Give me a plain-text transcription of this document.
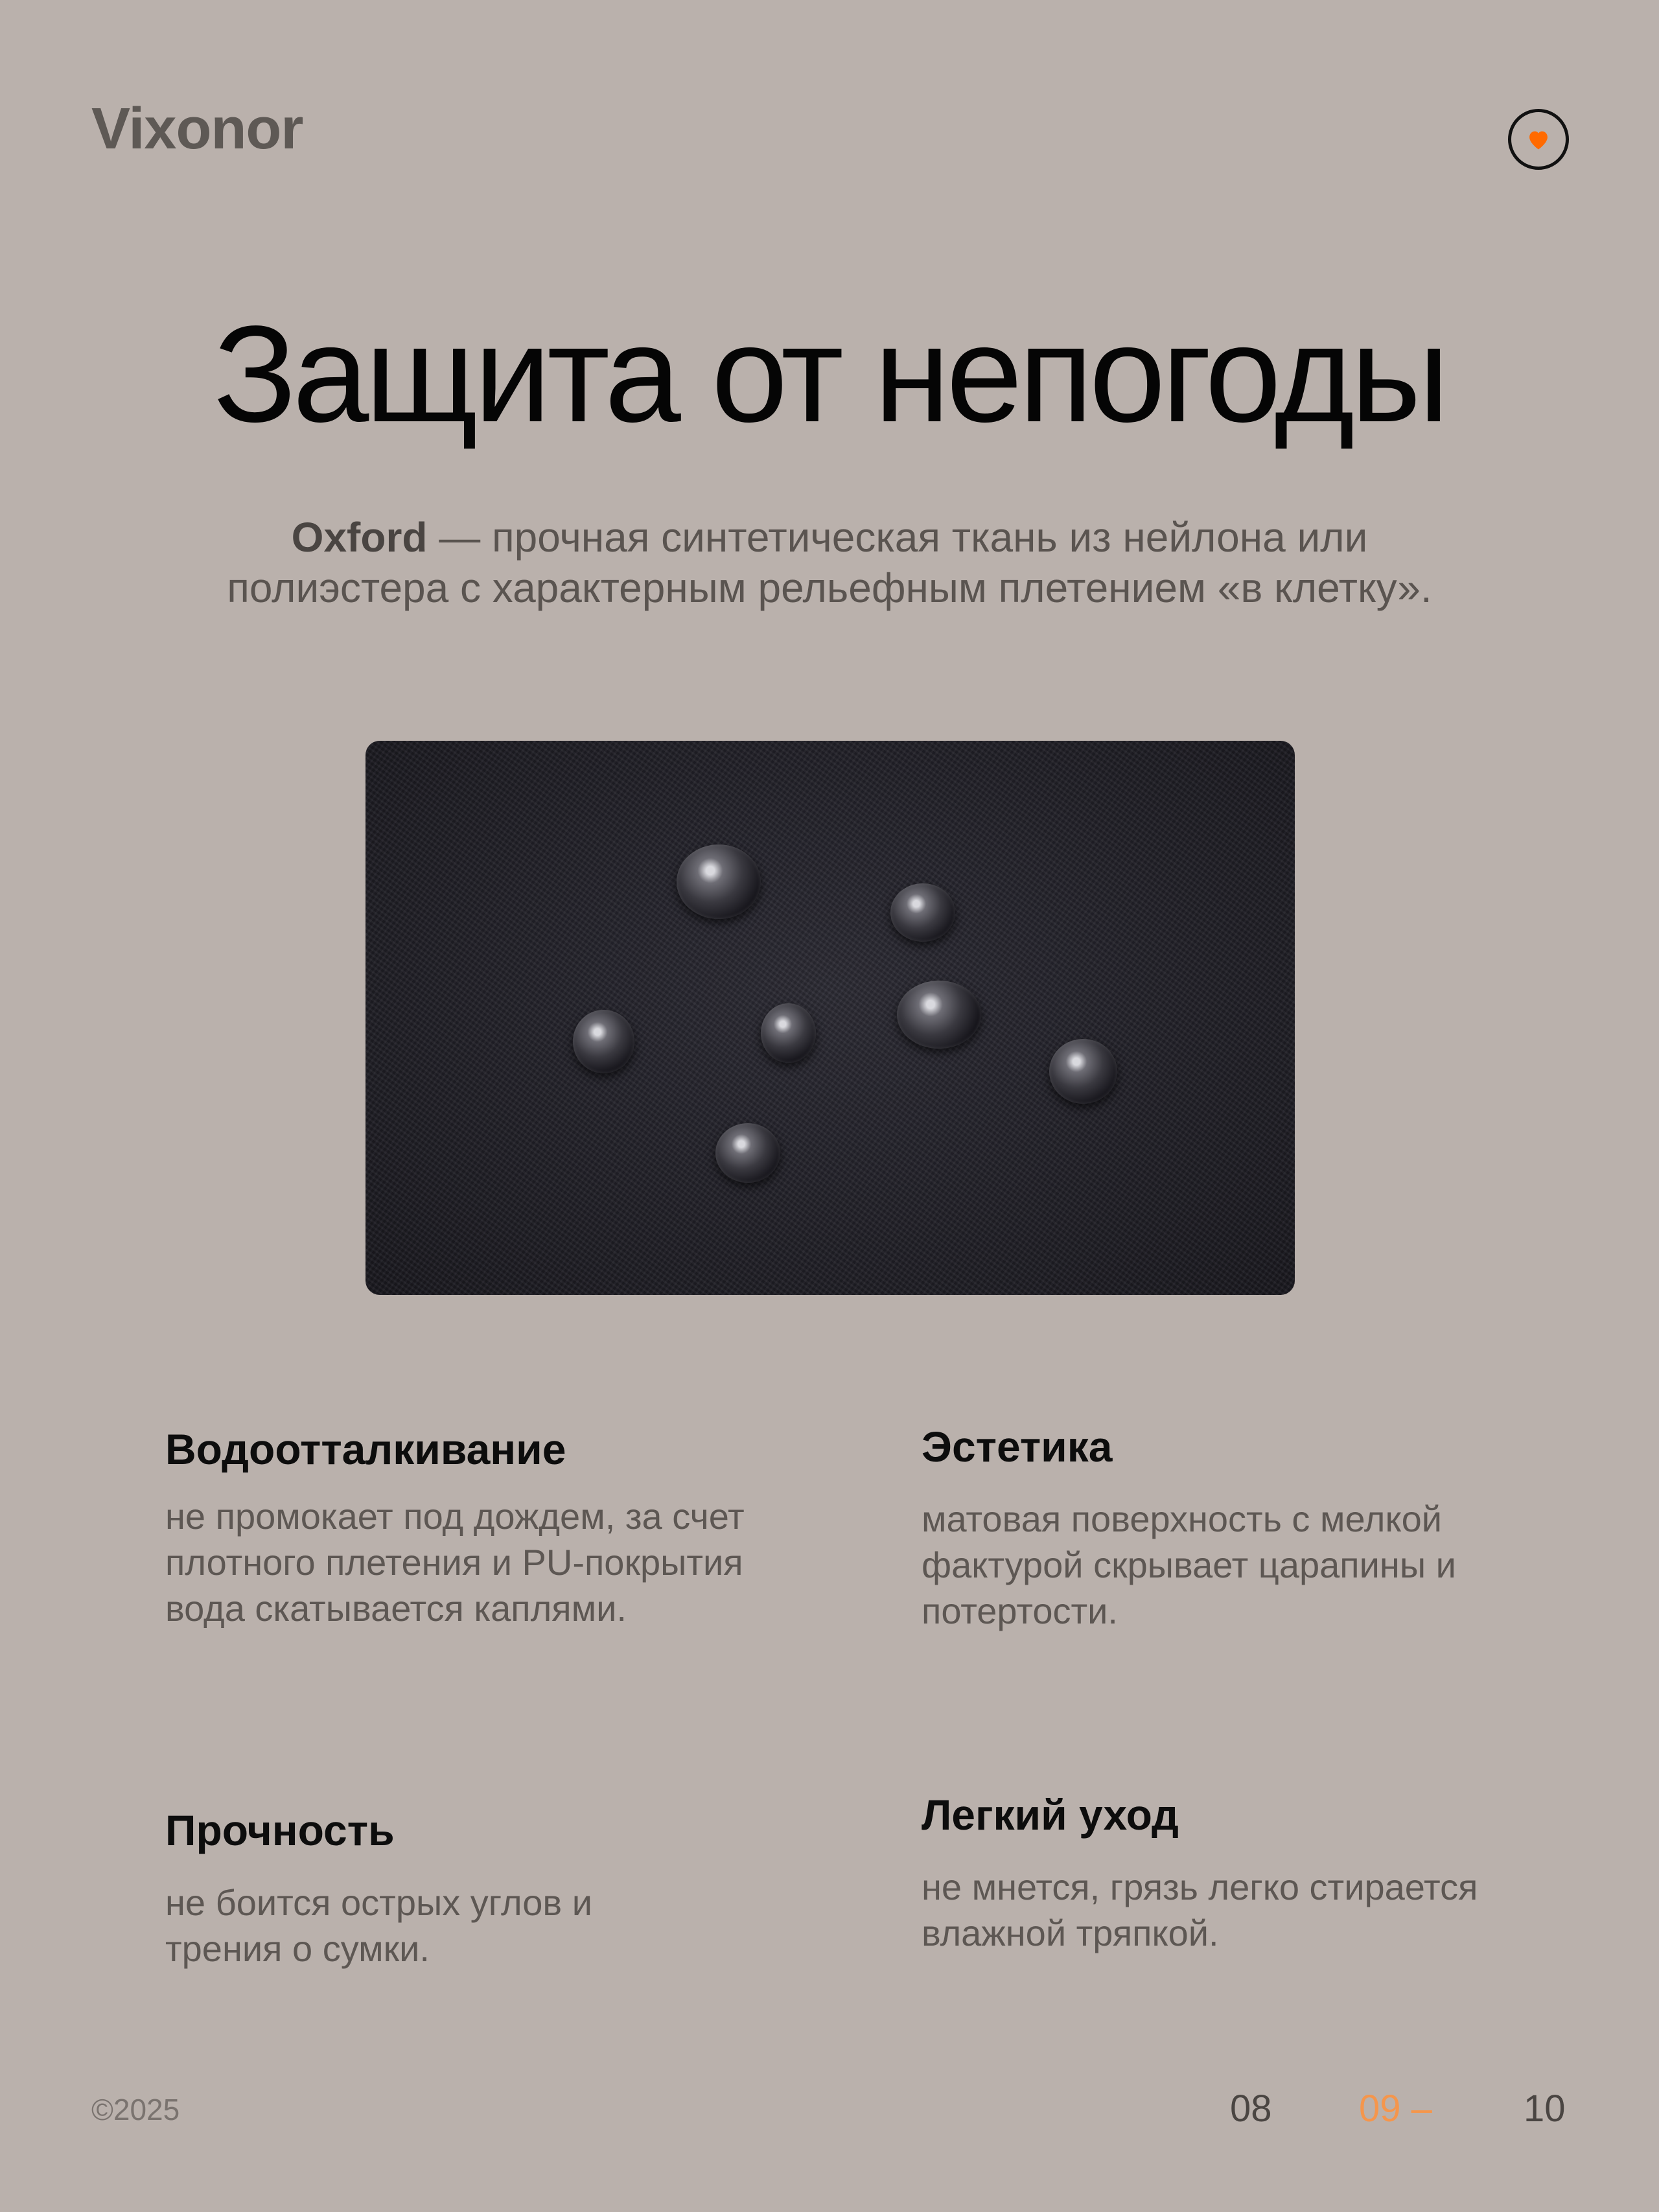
Vixonor
Защита от непогоды
Oxford — прочная синтетическая ткань из нейлона или полиэстера с характерным рельефным плетением «в клетку».
Водоотталкивание
не промокает под дождем, за счет плотного плетения и PU-покрытия вода скатывается каплями.
Эстетика
матовая поверхность с мелкой фактурой скрывает царапины и потертости.
Прочность
не боится острых углов и трения о сумки.
Легкий уход
не мнется, грязь легко стирается влажной тряпкой.
©2025	08 09 – 10
